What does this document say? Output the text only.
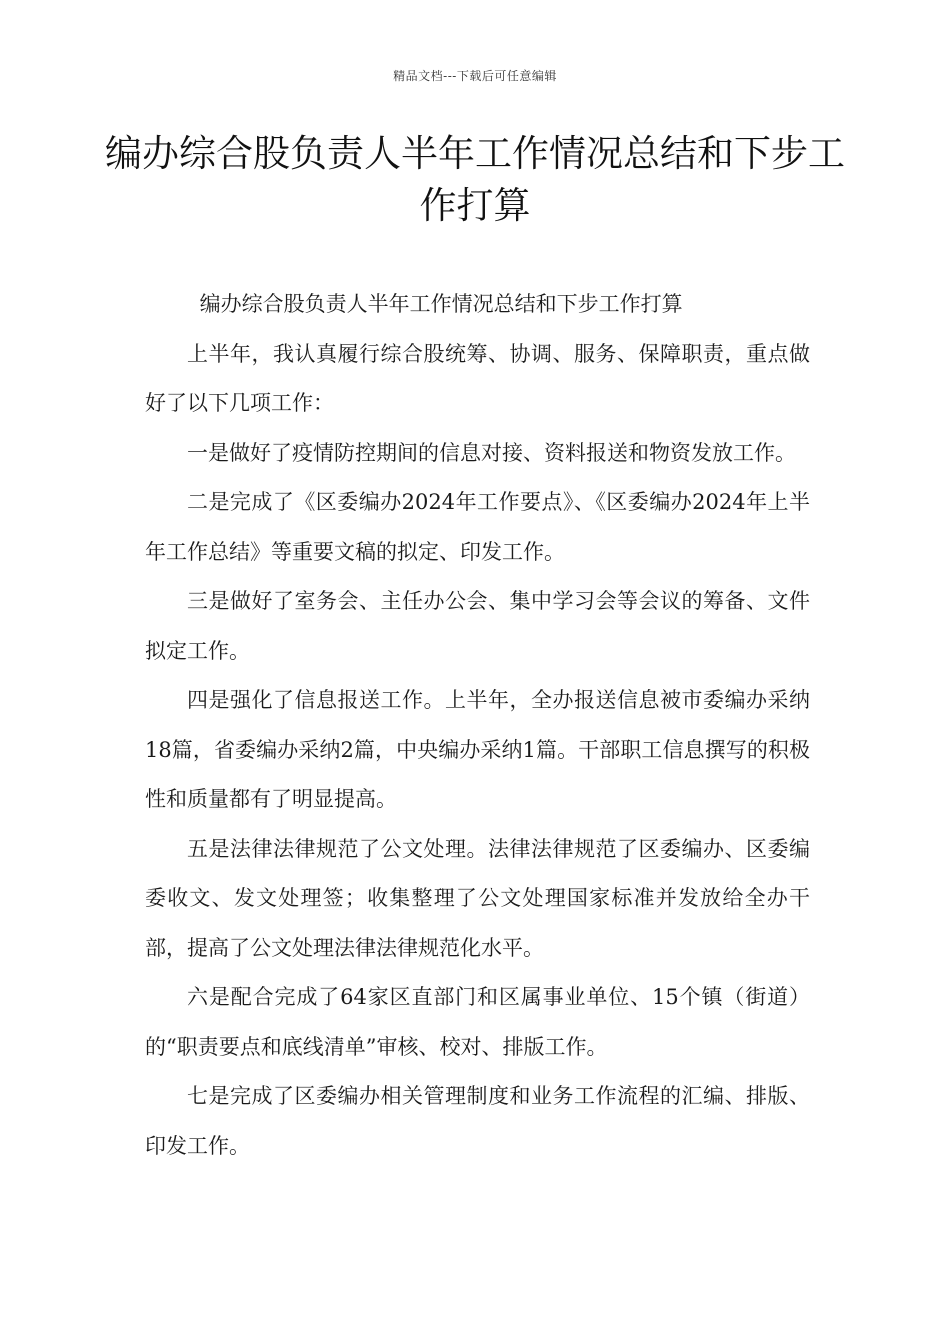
精品文档---下载后可任意编辑
编办综合股负责人半年工作情况总结和下步工作打算

编办综合股负责人半年工作情况总结和下步工作打算

上半年，我认真履行综合股统筹、协调、服务、保障职责，重点做好了以下几项工作：

一是做好了疫情防控期间的信息对接、资料报送和物资发放工作。

二是完成了《区委编办2024年工作要点》、《区委编办2024年上半年工作总结》等重要文稿的拟定、印发工作。

三是做好了室务会、主任办公会、集中学习会等会议的筹备、文件拟定工作。

四是强化了信息报送工作。上半年，全办报送信息被市委编办采纳18篇，省委编办采纳2篇，中央编办采纳1篇。干部职工信息撰写的积极性和质量都有了明显提高。

五是法律法律规范了公文处理。法律法律规范了区委编办、区委编委收文、发文处理签；收集整理了公文处理国家标准并发放给全办干部，提高了公文处理法律法律规范化水平。

六是配合完成了64家区直部门和区属事业单位、15个镇（街道）的“职责要点和底线清单”审核、校对、排版工作。

七是完成了区委编办相关管理制度和业务工作流程的汇编、排版、印发工作。
